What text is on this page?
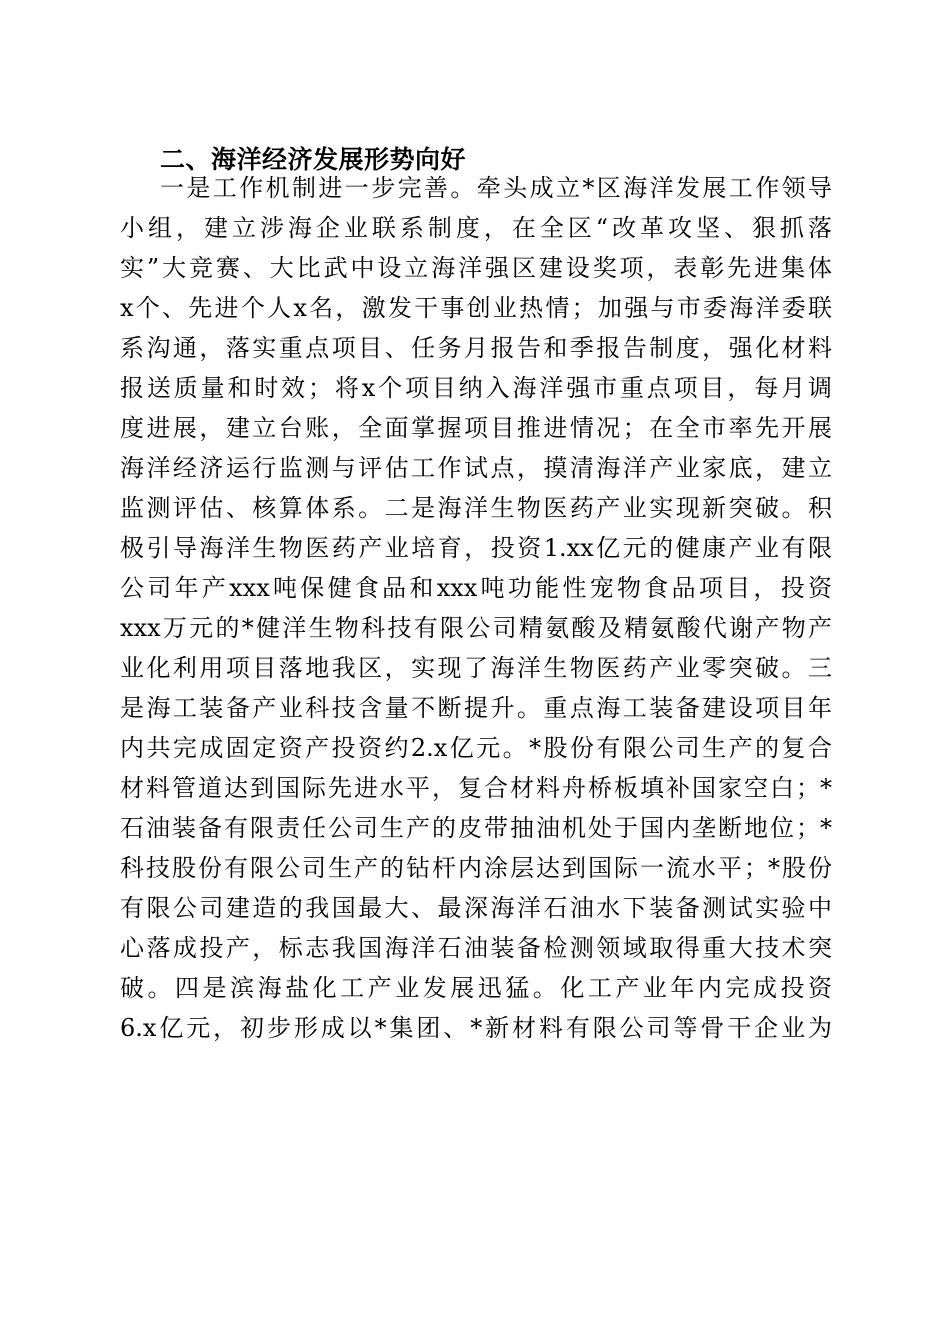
二、海洋经济发展形势向好
一是工作机制进一步完善。牵头成立*区海洋发展工作领导
小组，建立涉海企业联系制度，在全区“改革攻坚、狠抓落
实”大竞赛、大比武中设立海洋强区建设奖项，表彰先进集体
x个、先进个人x名，激发干事创业热情；加强与市委海洋委联
系沟通，落实重点项目、任务月报告和季报告制度，强化材料
报送质量和时效；将x个项目纳入海洋强市重点项目，每月调
度进展，建立台账，全面掌握项目推进情况；在全市率先开展
海洋经济运行监测与评估工作试点，摸清海洋产业家底，建立
监测评估、核算体系。二是海洋生物医药产业实现新突破。积
极引导海洋生物医药产业培育，投资1.xx亿元的健康产业有限
公司年产xxx吨保健食品和xxx吨功能性宠物食品项目，投资
xxx万元的*健洋生物科技有限公司精氨酸及精氨酸代谢产物产
业化利用项目落地我区，实现了海洋生物医药产业零突破。三
是海工装备产业科技含量不断提升。重点海工装备建设项目年
内共完成固定资产投资约2.x亿元。*股份有限公司生产的复合
材料管道达到国际先进水平，复合材料舟桥板填补国家空白；*
石油装备有限责任公司生产的皮带抽油机处于国内垄断地位；*
科技股份有限公司生产的钻杆内涂层达到国际一流水平；*股份
有限公司建造的我国最大、最深海洋石油水下装备测试实验中
心落成投产，标志我国海洋石油装备检测领域取得重大技术突
破。四是滨海盐化工产业发展迅猛。化工产业年内完成投资
6.x亿元，初步形成以*集团、*新材料有限公司等骨干企业为
